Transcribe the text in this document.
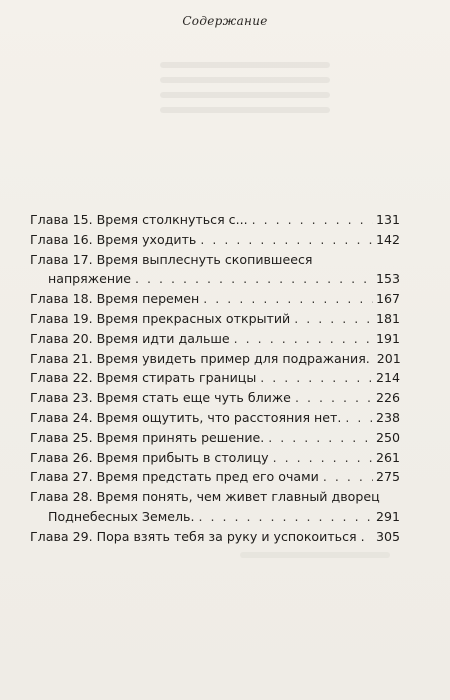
Содержание
Глава 15. Время столкнуться с... . . .	131
Глава 16. Время уходить . . .	142
Глава 17. Время выплеснуть скопившееся
напряжение . . .	153
Глава 18. Время перемен . . .	167
Глава 19. Время прекрасных открытий . . .	181
Глава 20. Время идти дальше . . .	191
Глава 21. Время увидеть пример для подражания. 201
Глава 22. Время стирать границы . . .	214
Глава 23. Время стать еще чуть ближе . . .	226
Глава 24. Время ощутить, что расстояния нет. . . .	238
Глава 25. Время принять решение. . . .	250
Глава 26. Время прибыть в столицу . . .	261
Глава 27. Время предстать пред его очами . . .	275
Глава 28. Время понять, чем живет главный дворец
Поднебесных Земель. . . .	291
Глава 29. Пора взять тебя за руку и успокоиться . 305
